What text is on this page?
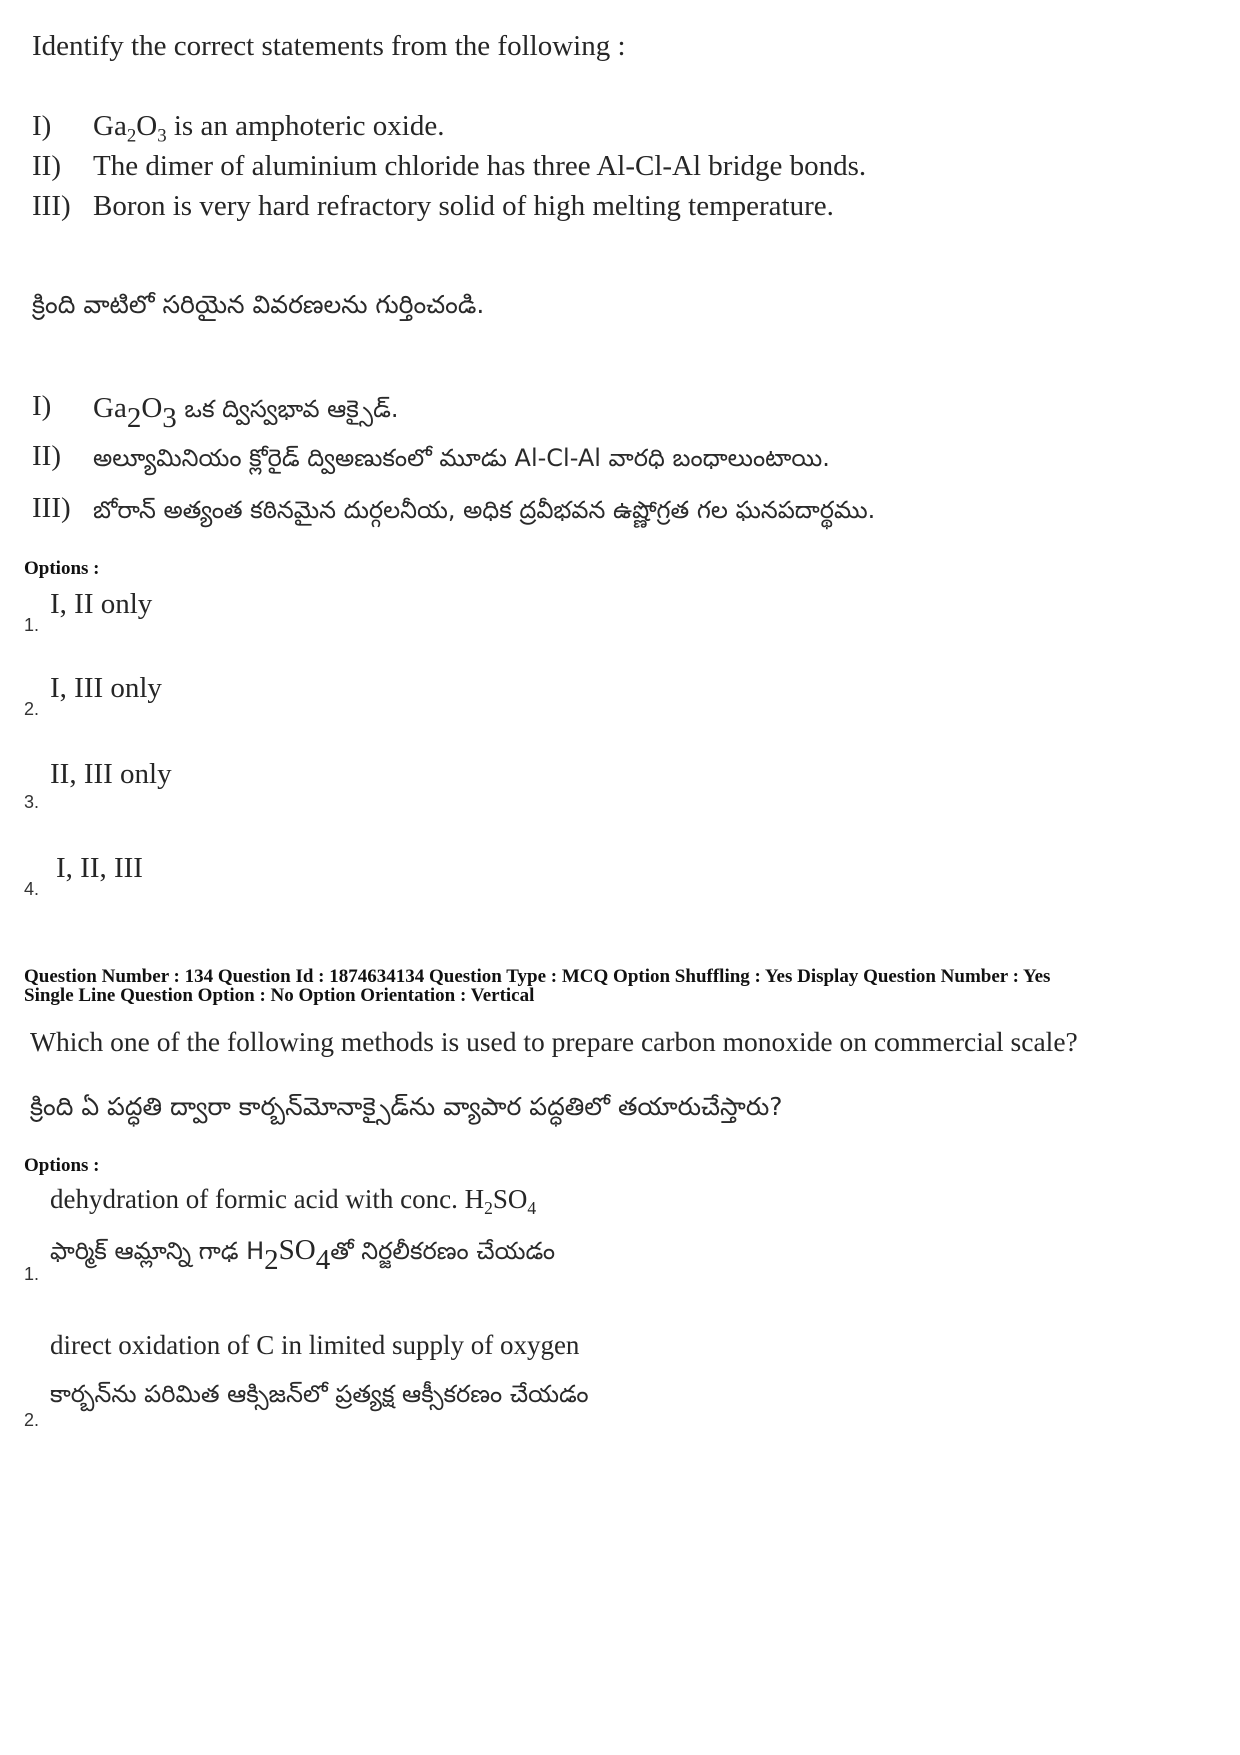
Identify the correct statements from the following :
I) $Ga_2O_3$ is an amphoteric oxide.
II) The dimer of aluminium chloride has three Al-Cl-Al bridge bonds.
III) Boron is very hard refractory solid of high melting temperature.
క్రింది వాటిలో సరియైన వివరణలను గుర్తించండి.
I) $Ga_2O_3$ ఒక ద్విస్వభావ ఆక్సైడ్.
II) అల్యూమినియం క్లోరైడ్ ద్విఅణుకంలో మూడు Al-Cl-Al వారధి బంధాలుంటాయి.
III) బోరాన్ అత్యంత కఠినమైన దుర్గలనీయ, అధిక ద్రవీభవన ఉష్ణోగ్రత గల ఘనపదార్థము.
Options :
I, II only
1.
I, III only
2.
II, III only
3.
I, II, III
4.
Question Number : 134 Question Id : 1874634134 Question Type : MCQ Option Shuffling : Yes Display Question Number : Yes
Single Line Question Option : No Option Orientation : Vertical
Which one of the following methods is used to prepare carbon monoxide on commercial scale?
క్రింది ఏ పద్ధతి ద్వారా కార్బన్‌మోనాక్సైడ్‌ను వ్యాపార పద్ధతిలో తయారుచేస్తారు?
Options :
dehydration of formic acid with conc. $H_2SO_4$
ఫార్మిక్ ఆమ్లాన్ని గాఢ $H_2SO_4తో$ నిర్జలీకరణం చేయడం
1.
direct oxidation of C in limited supply of oxygen
కార్బన్‌ను పరిమిత ఆక్సిజన్‌లో ప్రత్యక్ష ఆక్సీకరణం చేయడం
2.
